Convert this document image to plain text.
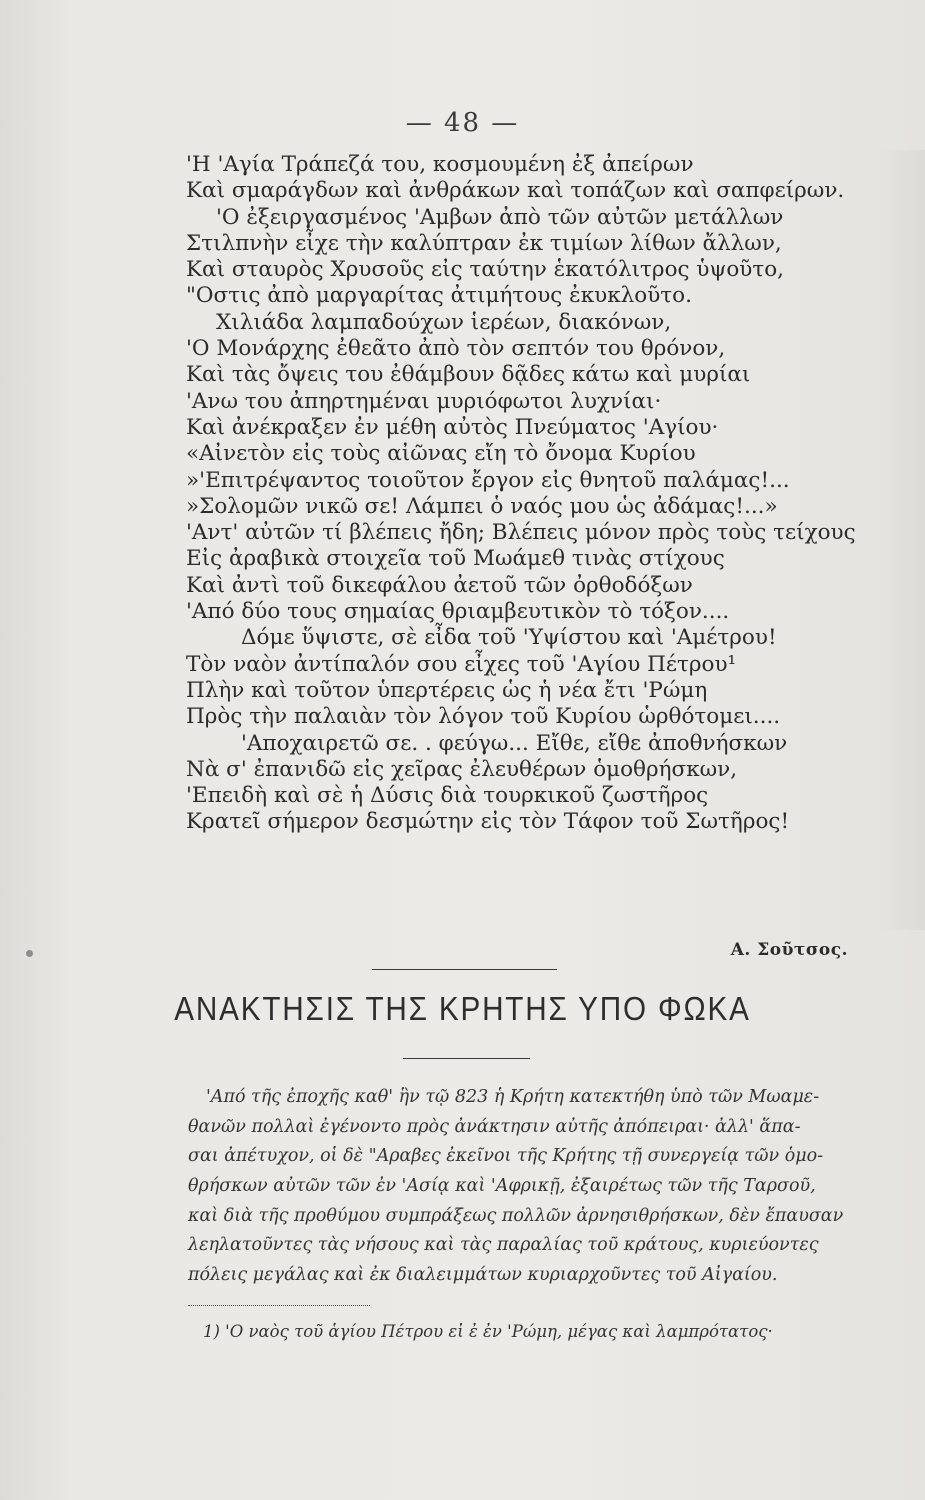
— 48 —
'Η 'Αγία Τράπεζά του, κοσμουμένη ἐξ ἀπείρων
Καὶ σμαράγδων καὶ ἀνθράκων καὶ τοπάζων καὶ σαπφείρων.
'Ο ἐξειργασμένος 'Αμβων ἀπὸ τῶν αὐτῶν μετάλλων
Στιλπνὴν εἶχε τὴν καλύπτραν ἐκ τιμίων λίθων ἄλλων,
Καὶ σταυρὸς Χρυσοῦς εἰς ταύτην ἑκατόλιτρος ὑψοῦτο,
"Οστις ἀπὸ μαργαρίτας ἀτιμήτους ἐκυκλοῦτο.
Χιλιάδα λαμπαδούχων ἱερέων, διακόνων,
'Ο Μονάρχης ἐθεᾶτο ἀπὸ τὸν σεπτόν του θρόνον,
Καὶ τὰς ὄψεις του ἐθάμβουν δᾷδες κάτω καὶ μυρίαι
'Ανω του ἀπηρτημέναι μυριόφωτοι λυχνίαι·
Καὶ ἀνέκραξεν ἐν μέθη αὐτὸς Πνεύματος 'Αγίου·
«Αἰνετὸν εἰς τοὺς αἰῶνας εἴη τὸ ὄνομα Κυρίου
»'Επιτρέψαντος τοιοῦτον ἔργον εἰς θνητοῦ παλάμας!...
»Σολομῶν νικῶ σε! Λάμπει ὁ ναός μου ὡς ἀδάμας!...»
'Αντ' αὐτῶν τί βλέπεις ἤδη; Βλέπεις μόνον πρὸς τοὺς τείχους
Εἰς ἀραβικὰ στοιχεῖα τοῦ Μωάμεθ τινὰς στίχους
Καὶ ἀντὶ τοῦ δικεφάλου ἀετοῦ τῶν ὀρθοδόξων
'Από δύο τους σημαίας θριαμβευτικὸν τὸ τόξον....
Δόμε ὕψιστε, σὲ εἶδα τοῦ 'Υψίστου καὶ 'Αμέτρου!
Τὸν ναὸν ἀντίπαλόν σου εἶχες τοῦ 'Αγίου Πέτρου¹
Πλὴν καὶ τοῦτον ὑπερτέρεις ὡς ἡ νέα ἔτι 'Ρώμη
Πρὸς τὴν παλαιὰν τὸν λόγον τοῦ Κυρίου ὡρθότομει....
'Αποχαιρετῶ σε. . φεύγω... Εἴθε, εἴθε ἀποθνήσκων
Νὰ σ' ἐπανιδῶ εἰς χεῖρας ἐλευθέρων ὁμοθρήσκων,
'Επειδὴ καὶ σὲ ἡ Δύσις διὰ τουρκικοῦ ζωστῆρος
Κρατεῖ σήμερον δεσμώτην εἰς τὸν Τάφον τοῦ Σωτῆρος!
Α. Σοῦτσος.
ΑΝΑΚΤΗΣΙΣ ΤΗΣ ΚΡΗΤΗΣ ΥΠΟ ΦΩΚΑ
'Από τῆς ἐποχῆς καθ' ἣν τῷ 823 ἡ Κρήτη κατεκτήθη ὑπὸ τῶν Μωαμε-
θανῶν πολλαὶ ἐγένοντο πρὸς ἀνάκτησιν αὐτῆς ἀπόπειραι· ἀλλ' ἅπα-
σαι ἀπέτυχον, οἱ δὲ "Αραβες ἐκεῖνοι τῆς Κρήτης τῇ συνεργείᾳ τῶν ὁμο-
θρήσκων αὐτῶν τῶν ἐν 'Ασίᾳ καὶ 'Αφρικῇ, ἐξαιρέτως τῶν τῆς Ταρσοῦ,
καὶ διὰ τῆς προθύμου συμπράξεως πολλῶν ἀρνησιθρήσκων, δὲν ἔπαυσαν
λεηλατοῦντες τὰς νήσους καὶ τὰς παραλίας τοῦ κράτους, κυριεύοντες
πόλεις μεγάλας καὶ ἐκ διαλειμμάτων κυριαρχοῦντες τοῦ Αἰγαίου.
1) 'Ο ναὸς τοῦ ἁγίου Πέτρου εἰ ἐ ἐν 'Ρώμη, μέγας καὶ λαμπρότατος·
